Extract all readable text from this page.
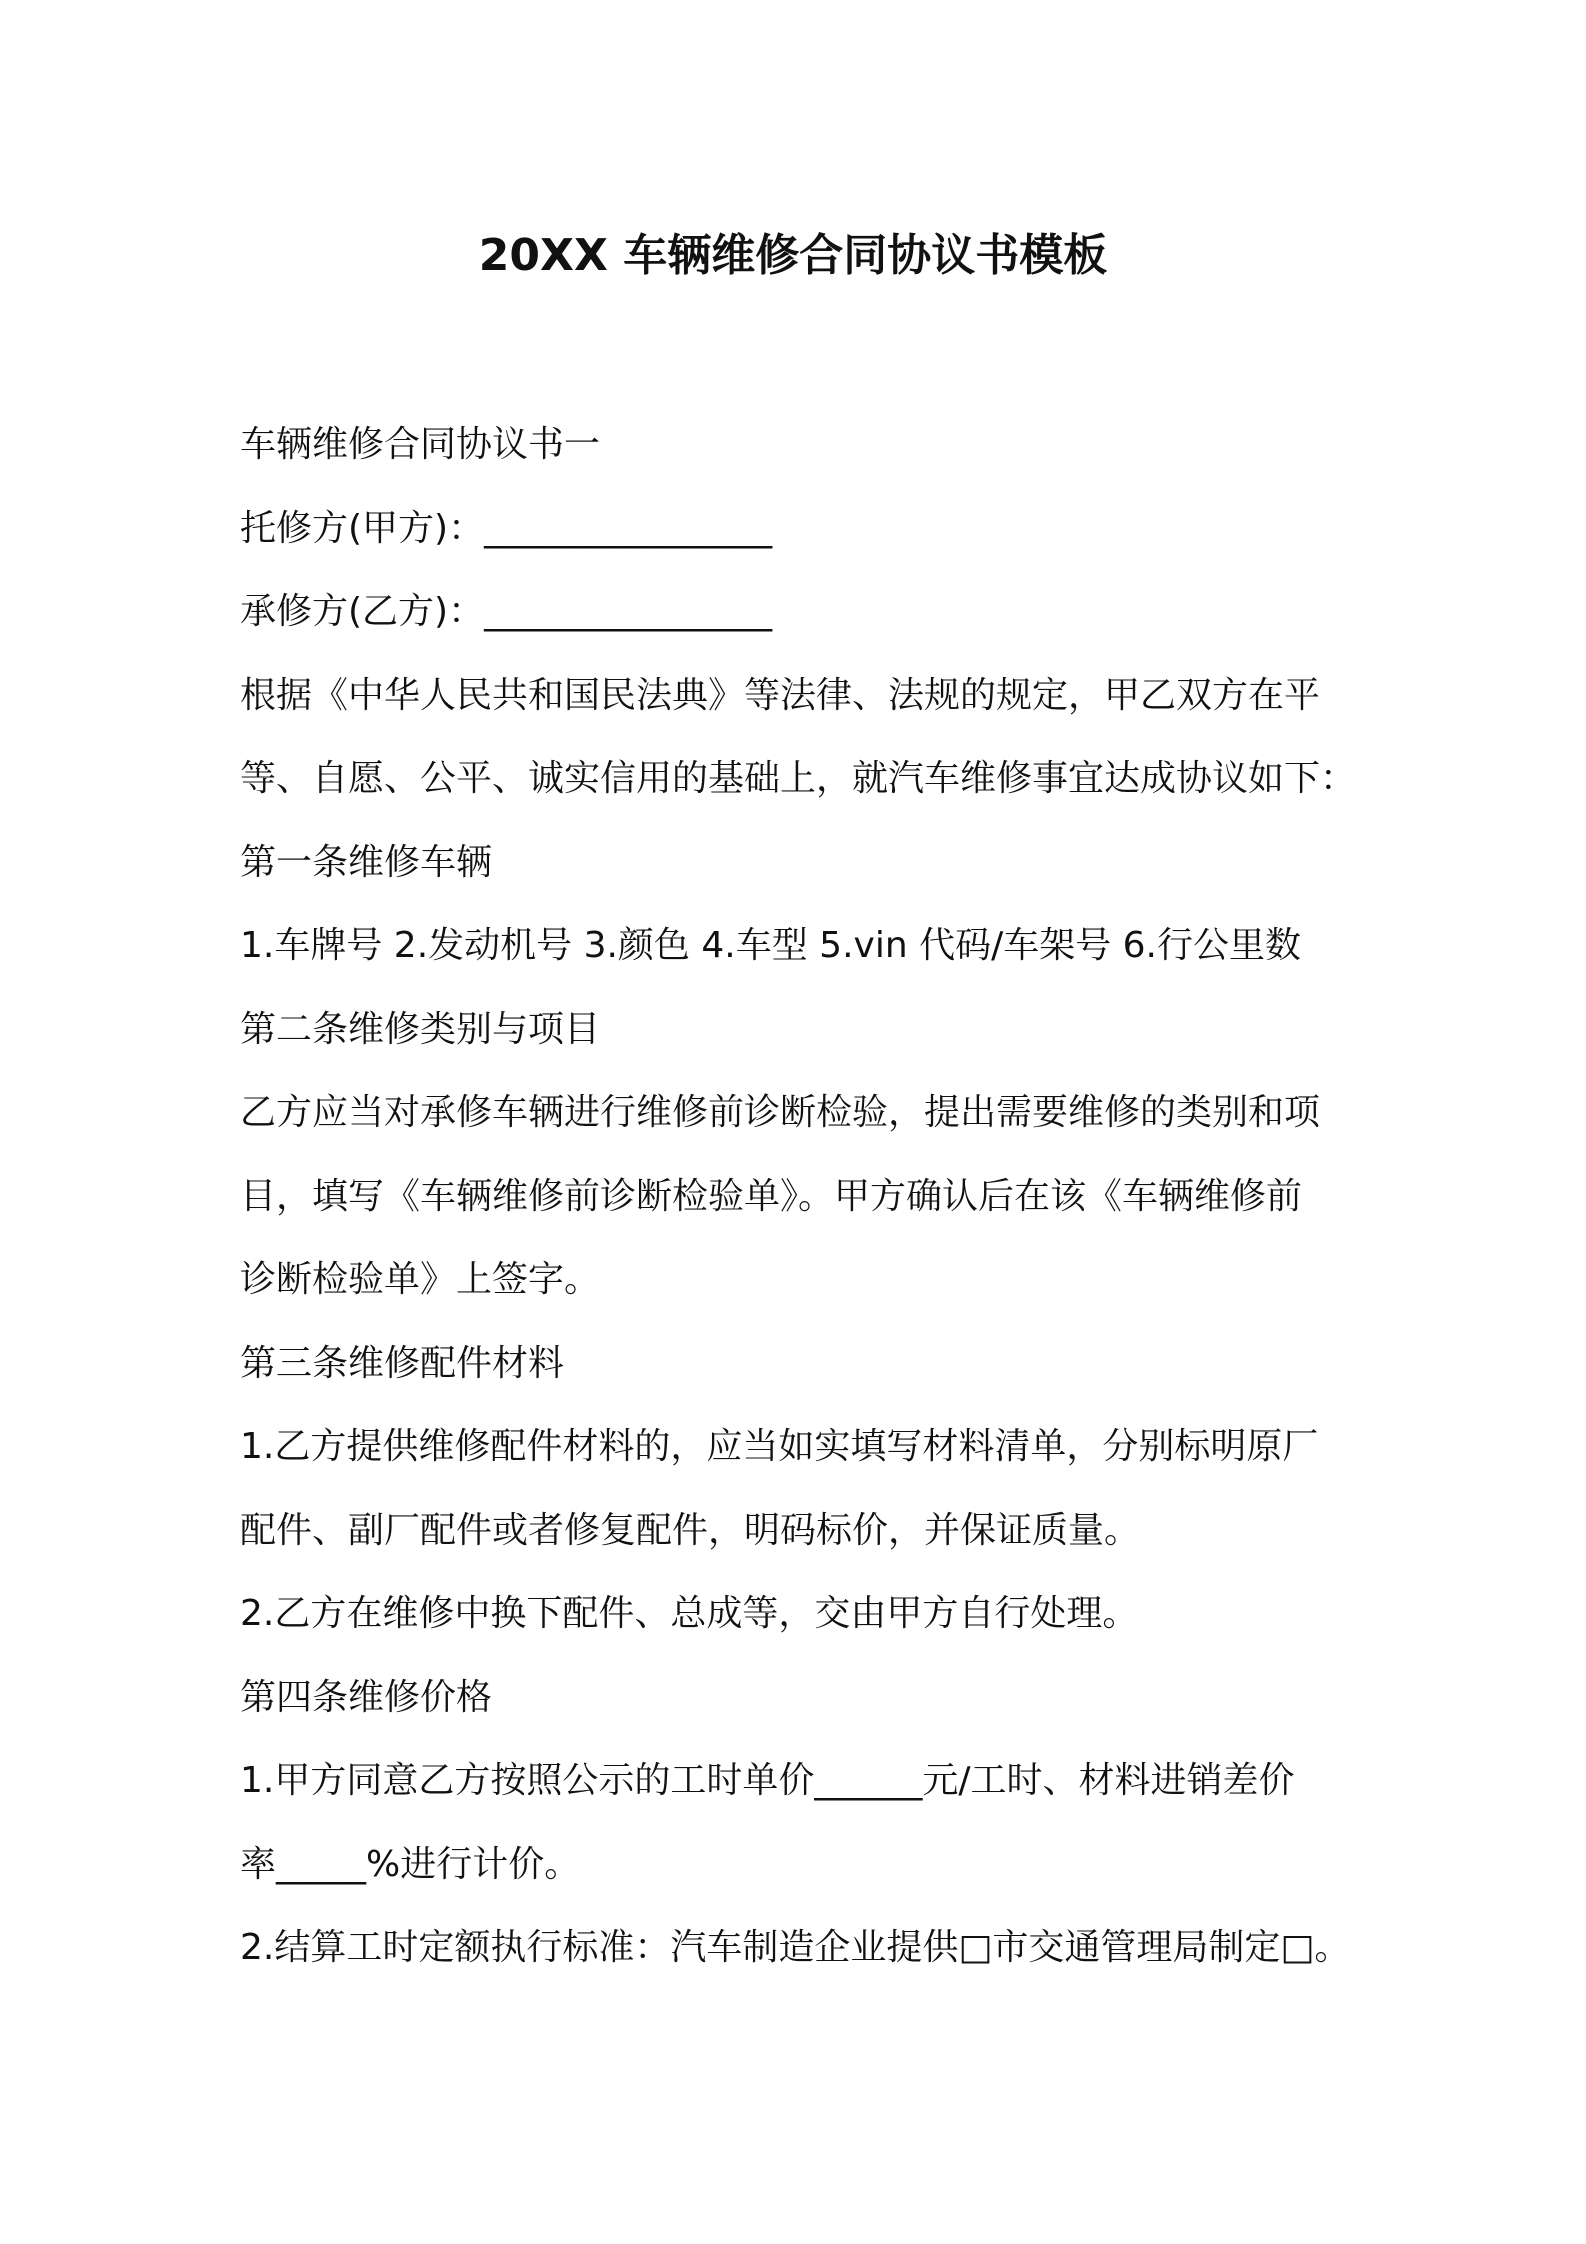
20XX 车辆维修合同协议书模板
车辆维修合同协议书一
托修方(甲方)：________________
承修方(乙方)：________________
根据《中华人民共和国民法典》等法律、法规的规定，甲乙双方在平
等、自愿、公平、诚实信用的基础上，就汽车维修事宜达成协议如下：
第一条维修车辆
1.车牌号 2.发动机号 3.颜色 4.车型 5.vin 代码/车架号 6.行公里数
第二条维修类别与项目
乙方应当对承修车辆进行维修前诊断检验，提出需要维修的类别和项
目，填写《车辆维修前诊断检验单》。甲方确认后在该《车辆维修前
诊断检验单》上签字。
第三条维修配件材料
1.乙方提供维修配件材料的，应当如实填写材料清单，分别标明原厂
配件、副厂配件或者修复配件，明码标价，并保证质量。
2.乙方在维修中换下配件、总成等，交由甲方自行处理。
第四条维修价格
1.甲方同意乙方按照公示的工时单价______元/工时、材料进销差价
率_____%进行计价。
2.结算工时定额执行标准：汽车制造企业提供□市交通管理局制定□。
